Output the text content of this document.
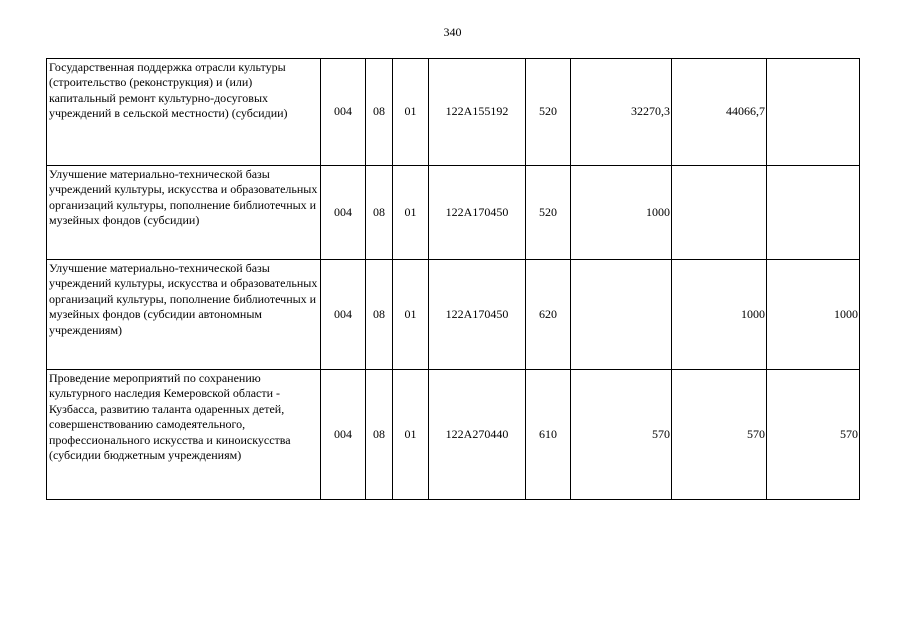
340
Государственная поддержка отрасли культуры (строительство (реконструкция) и (или) капитальный ремонт культурно-досуговых учреждений в сельской местности) (субсидии)	004	08	01	122A155192	520	32270,3	44066,7	
Улучшение материально-технической базы учреждений культуры, искусства и образовательных организаций культуры, пополнение библиотечных и музейных фондов (субсидии)	004	08	01	122A170450	520	1000		
Улучшение материально-технической базы учреждений культуры, искусства и образовательных организаций культуры, пополнение библиотечных и музейных фондов (субсидии автономным учреждениям)	004	08	01	122A170450	620		1000	1000
Проведение мероприятий по сохранению культурного наследия Кемеровской области - Кузбасса, развитию таланта одаренных детей, совершенствованию самодеятельного, профессионального искусства и киноискусства (субсидии бюджетным учреждениям)	004	08	01	122A270440	610	570	570	570
